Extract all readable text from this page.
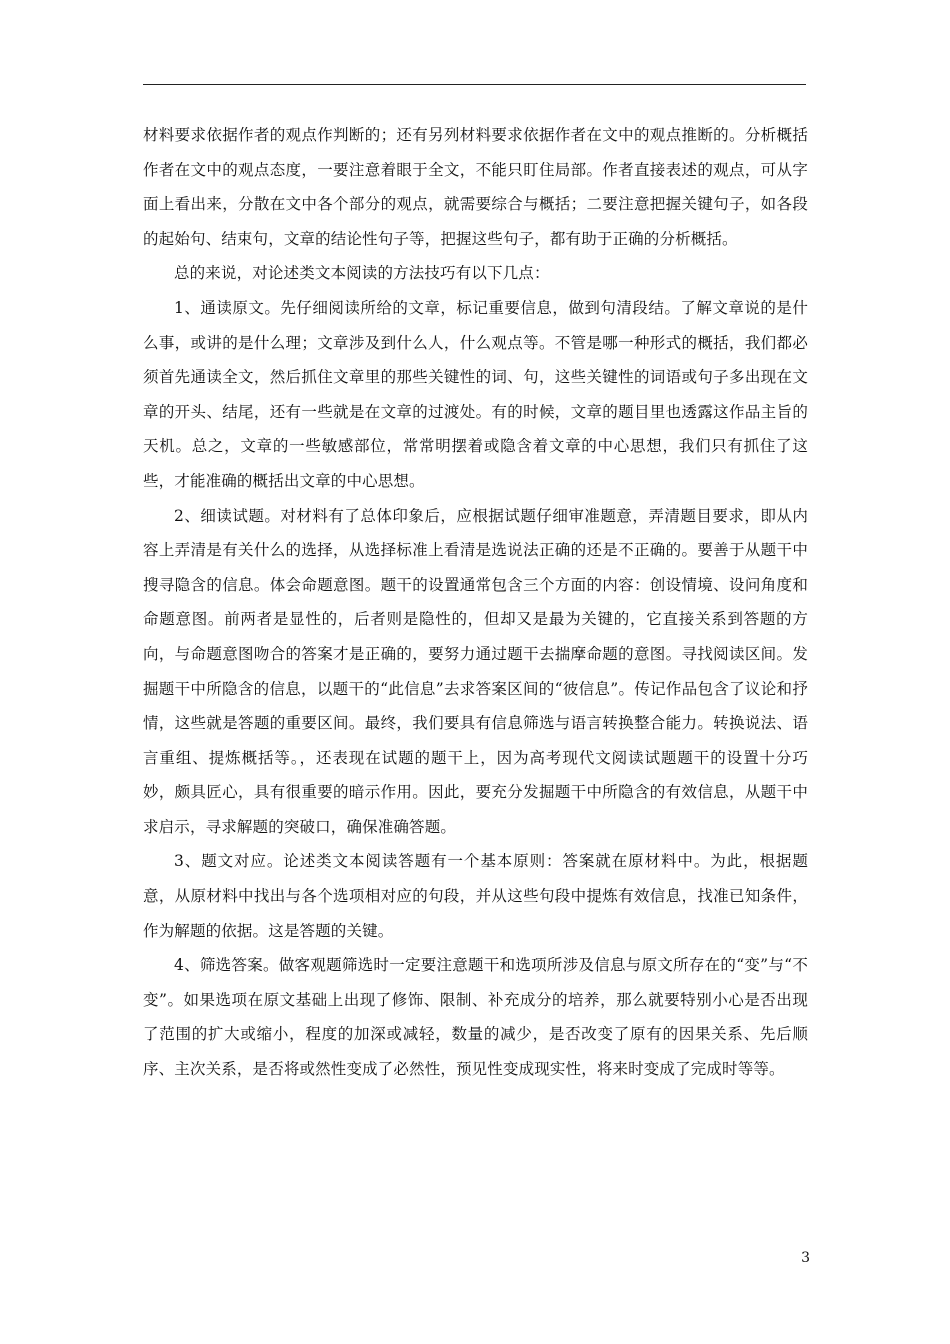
材料要求依据作者的观点作判断的；还有另列材料要求依据作者在文中的观点推断的。分析概括作者在文中的观点态度，一要注意着眼于全文，不能只盯住局部。作者直接表述的观点，可从字面上看出来，分散在文中各个部分的观点，就需要综合与概括；二要注意把握关键句子，如各段的起始句、结束句，文章的结论性句子等，把握这些句子，都有助于正确的分析概括。

总的来说，对论述类文本阅读的方法技巧有以下几点：

1、通读原文。先仔细阅读所给的文章，标记重要信息，做到句清段结。了解文章说的是什么事，或讲的是什么理；文章涉及到什么人，什么观点等。不管是哪一种形式的概括，我们都必须首先通读全文，然后抓住文章里的那些关键性的词、句，这些关键性的词语或句子多出现在文章的开头、结尾，还有一些就是在文章的过渡处。有的时候，文章的题目里也透露这作品主旨的天机。总之，文章的一些敏感部位，常常明摆着或隐含着文章的中心思想，我们只有抓住了这些，才能准确的概括出文章的中心思想。

2、细读试题。对材料有了总体印象后，应根据试题仔细审准题意，弄清题目要求，即从内容上弄清是有关什么的选择，从选择标准上看清是选说法正确的还是不正确的。要善于从题干中搜寻隐含的信息。体会命题意图。题干的设置通常包含三个方面的内容：创设情境、设问角度和命题意图。前两者是显性的，后者则是隐性的，但却又是最为关键的，它直接关系到答题的方向，与命题意图吻合的答案才是正确的，要努力通过题干去揣摩命题的意图。寻找阅读区间。发掘题干中所隐含的信息，以题干的“此信息”去求答案区间的“彼信息”。传记作品包含了议论和抒情，这些就是答题的重要区间。最终，我们要具有信息筛选与语言转换整合能力。转换说法、语言重组、提炼概括等。，还表现在试题的题干上，因为高考现代文阅读试题题干的设置十分巧妙，颇具匠心，具有很重要的暗示作用。因此，要充分发掘题干中所隐含的有效信息，从题干中求启示，寻求解题的突破口，确保准确答题。

3、题文对应。论述类文本阅读答题有一个基本原则：答案就在原材料中。为此，根据题意，从原材料中找出与各个选项相对应的句段，并从这些句段中提炼有效信息，找准已知条件，作为解题的依据。这是答题的关键。

4、筛选答案。做客观题筛选时一定要注意题干和选项所涉及信息与原文所存在的“变”与“不变”。如果选项在原文基础上出现了修饰、限制、补充成分的培养，那么就要特别小心是否出现了范围的扩大或缩小，程度的加深或减轻，数量的减少，是否改变了原有的因果关系、先后顺序、主次关系，是否将或然性变成了必然性，预见性变成现实性，将来时变成了完成时等等。

3
